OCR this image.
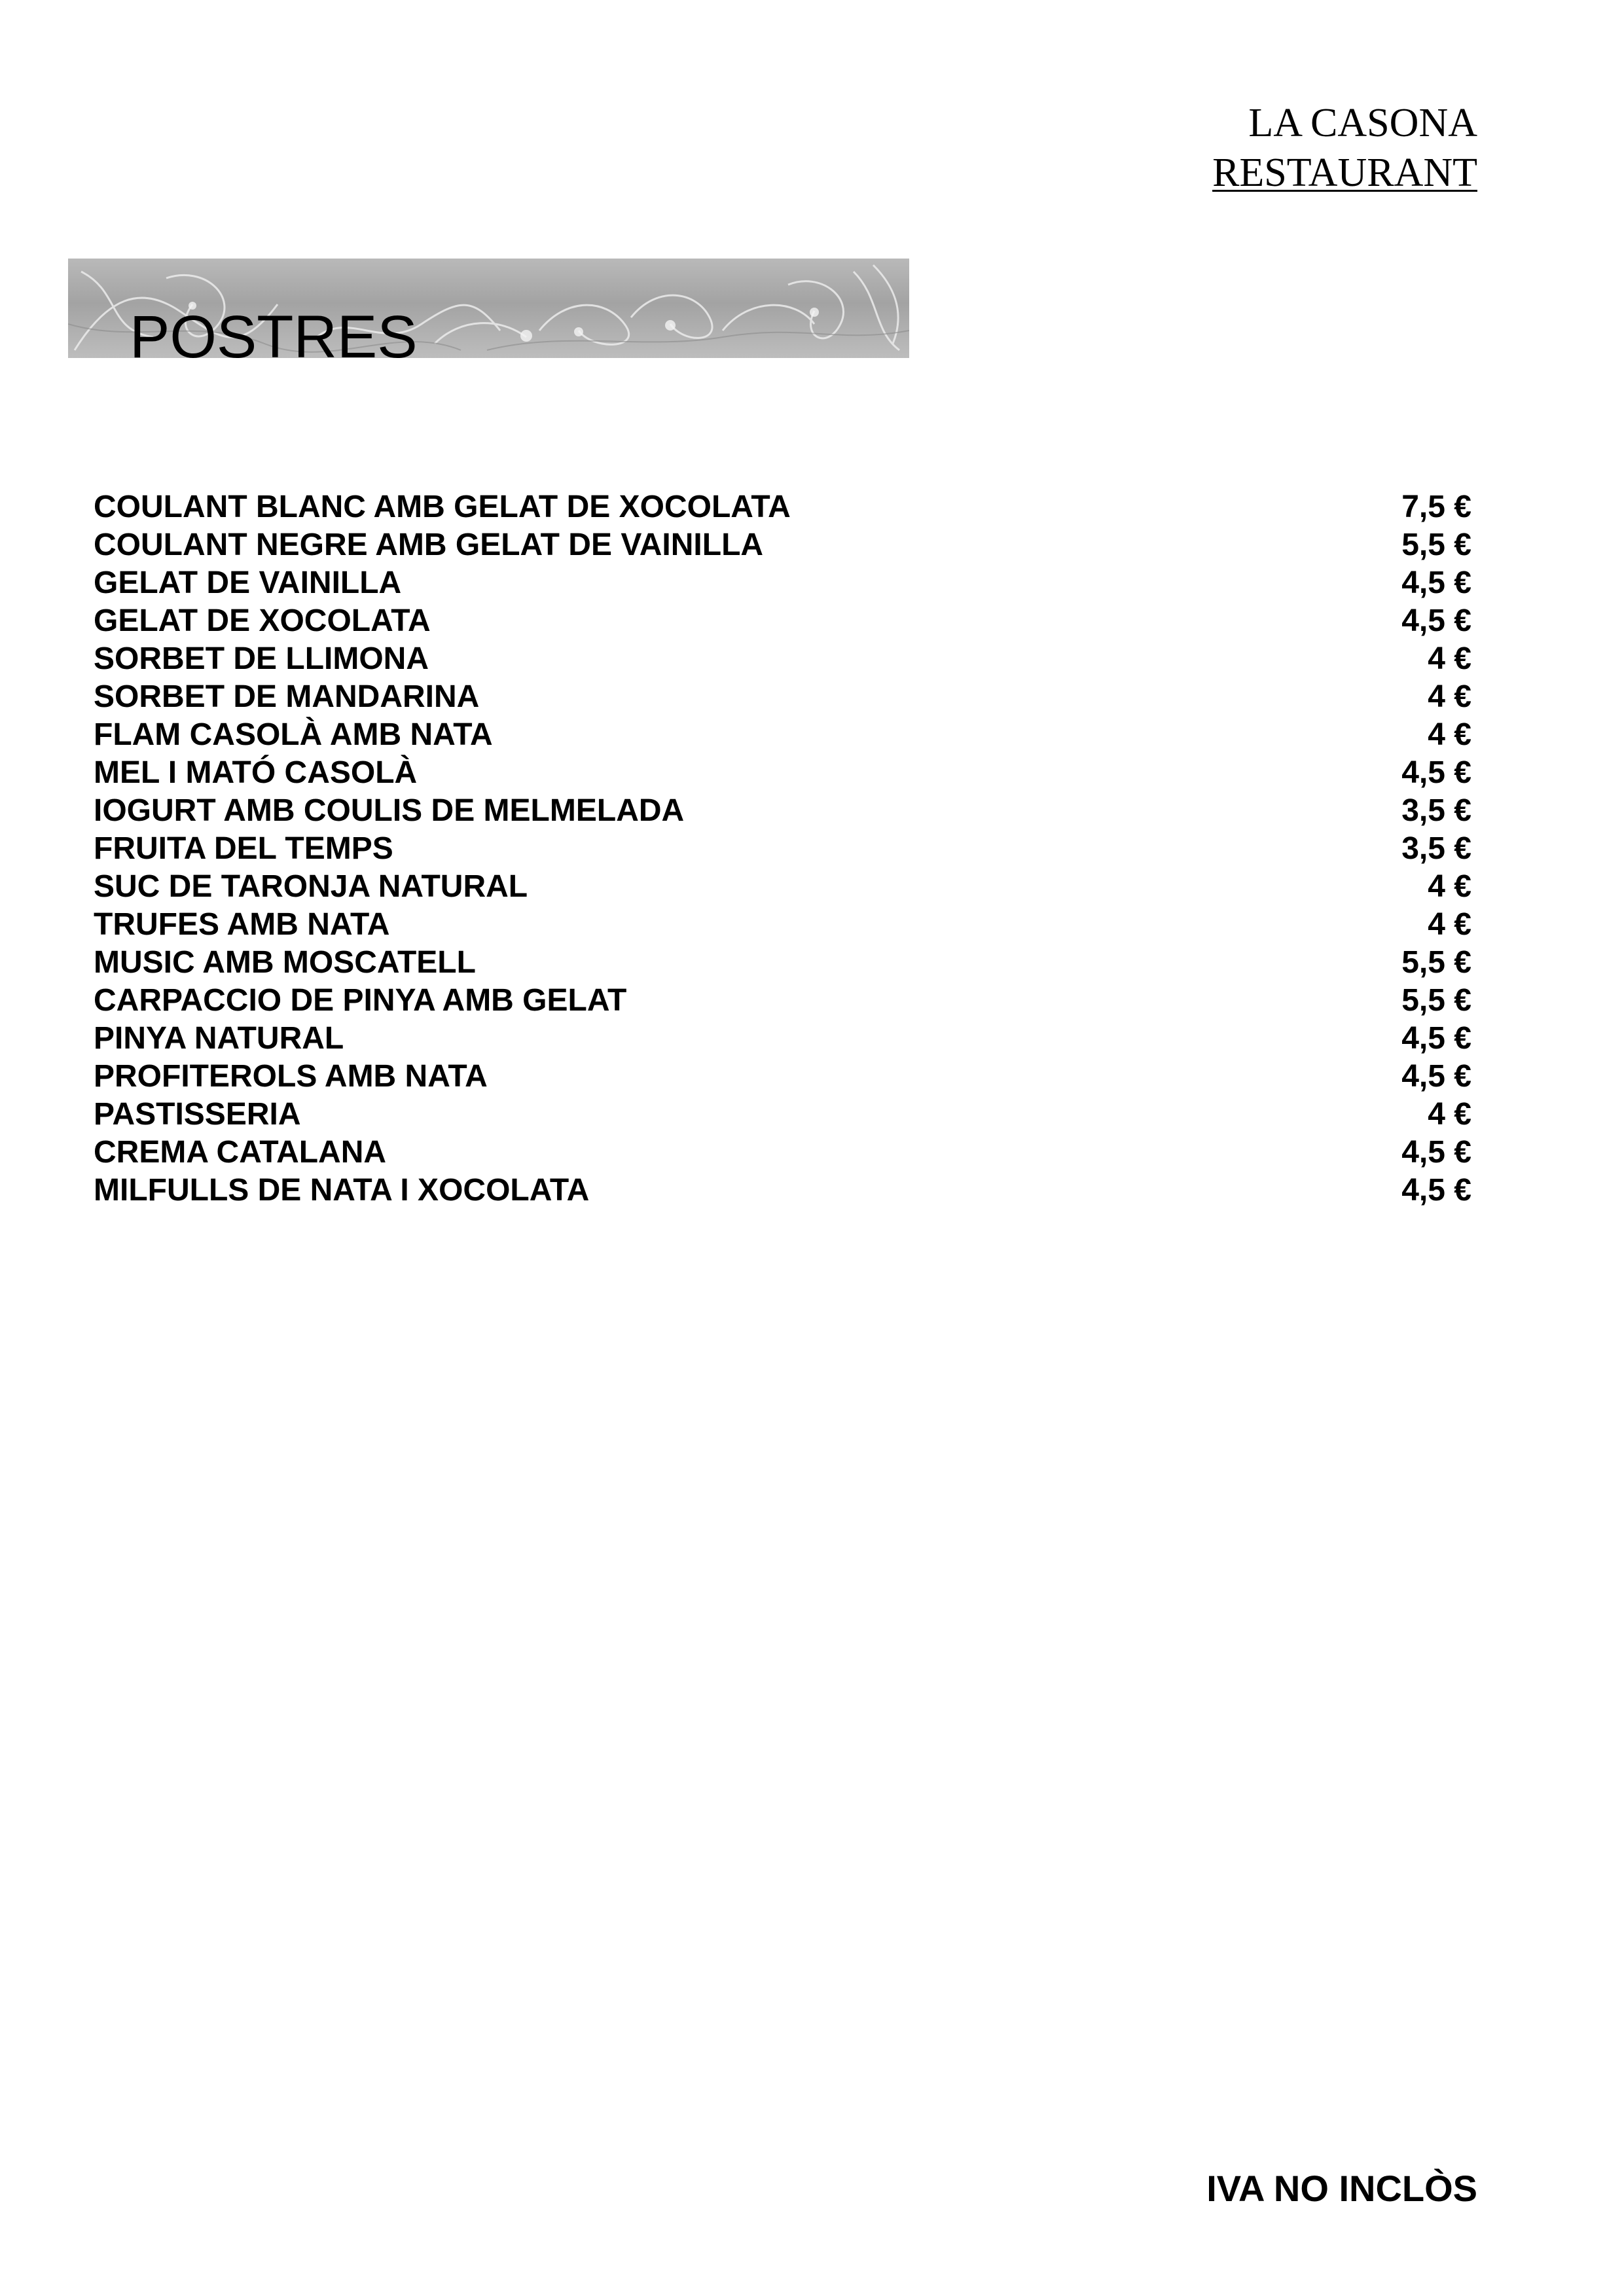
LA CASONA
RESTAURANT
POSTRES
COULANT BLANC AMB GELAT DE XOCOLATA	7,5 €
COULANT NEGRE AMB GELAT DE VAINILLA	5,5 €
GELAT DE VAINILLA	4,5 €
GELAT DE XOCOLATA	4,5 €
SORBET DE LLIMONA	4 €
SORBET DE MANDARINA	4 €
FLAM CASOLÀ AMB NATA	4 €
MEL I MATÓ CASOLÀ	4,5 €
IOGURT AMB COULIS DE MELMELADA	3,5 €
FRUITA DEL TEMPS	3,5 €
SUC DE TARONJA NATURAL	4 €
TRUFES AMB NATA	4 €
MUSIC AMB MOSCATELL	5,5 €
CARPACCIO DE PINYA AMB GELAT	5,5 €
PINYA NATURAL	4,5 €
PROFITEROLS AMB NATA	4,5 €
PASTISSERIA	4 €
CREMA CATALANA	4,5 €
MILFULLS DE NATA I XOCOLATA	4,5 €
IVA NO INCLÒS
